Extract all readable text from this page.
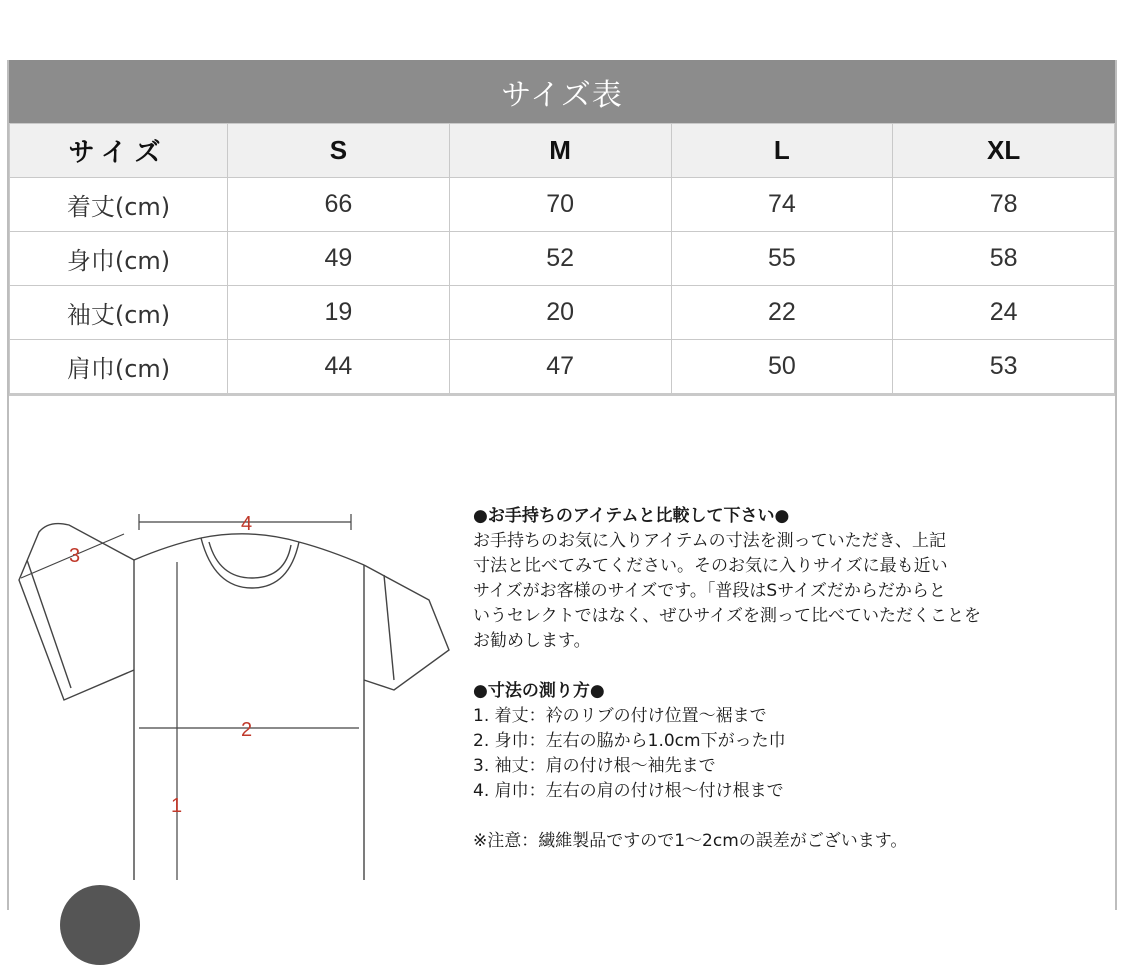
サイズ表
サイズ	S	M	L	XL
着丈(cm)	66	70	74	78
身巾(cm)	49	52	55	58
袖丈(cm)	19	20	22	24
肩巾(cm)	44	47	50	53
4
3
2
1

●お手持ちのアイテムと比較して下さい●

お手持ちのお気に入りアイテムの寸法を測っていただき、上記

寸法と比べてみてください。そのお気に入りサイズに最も近い

サイズがお客様のサイズです。「普段はSサイズだからだからと

いうセレクトではなく、ぜひサイズを測って比べていただくことを

お勧めします。

●寸法の測り方●

1. 着丈：衿のリブの付け位置～裾まで
2. 身巾：左右の脇から1.0cm下がった巾
3. 袖丈：肩の付け根～袖先まで
4. 肩巾：左右の肩の付け根～付け根まで

※注意：繊維製品ですので1～2cmの誤差がございます。
